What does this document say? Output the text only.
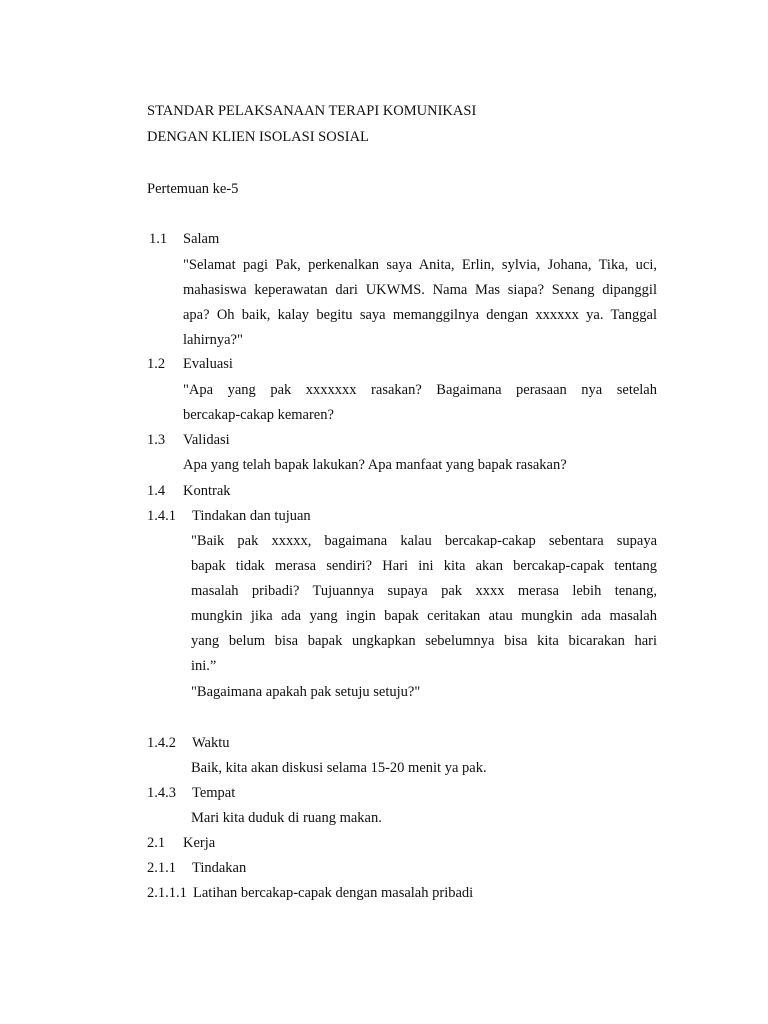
STANDAR PELAKSANAAN TERAPI KOMUNIKASI
DENGAN KLIEN ISOLASI SOSIAL
Pertemuan ke-5
1.1 Salam
"Selamat pagi Pak, perkenalkan saya Anita, Erlin, sylvia, Johana, Tika, uci,
mahasiswa keperawatan dari UKWMS. Nama Mas siapa? Senang dipanggil
apa? Oh baik, kalay begitu saya memanggilnya dengan xxxxxx ya. Tanggal
lahirnya?"
1.2 Evaluasi
"Apa yang pak xxxxxxx rasakan? Bagaimana perasaan nya setelah
bercakap-cakap kemaren?
1.3 Validasi
Apa yang telah bapak lakukan? Apa manfaat yang bapak rasakan?
1.4 Kontrak
1.4.1 Tindakan dan tujuan
"Baik pak xxxxx, bagaimana kalau bercakap-cakap sebentara supaya
bapak tidak merasa sendiri? Hari ini kita akan bercakap-capak tentang
masalah pribadi? Tujuannya supaya pak xxxx merasa lebih tenang,
mungkin jika ada yang ingin bapak ceritakan atau mungkin ada masalah
yang belum bisa bapak ungkapkan sebelumnya bisa kita bicarakan hari
ini.”
"Bagaimana apakah pak setuju setuju?"
1.4.2 Waktu
Baik, kita akan diskusi selama 15-20 menit ya pak.
1.4.3 Tempat
Mari kita duduk di ruang makan.
2.1 Kerja
2.1.1 Tindakan
2.1.1.1 Latihan bercakap-capak dengan masalah pribadi
